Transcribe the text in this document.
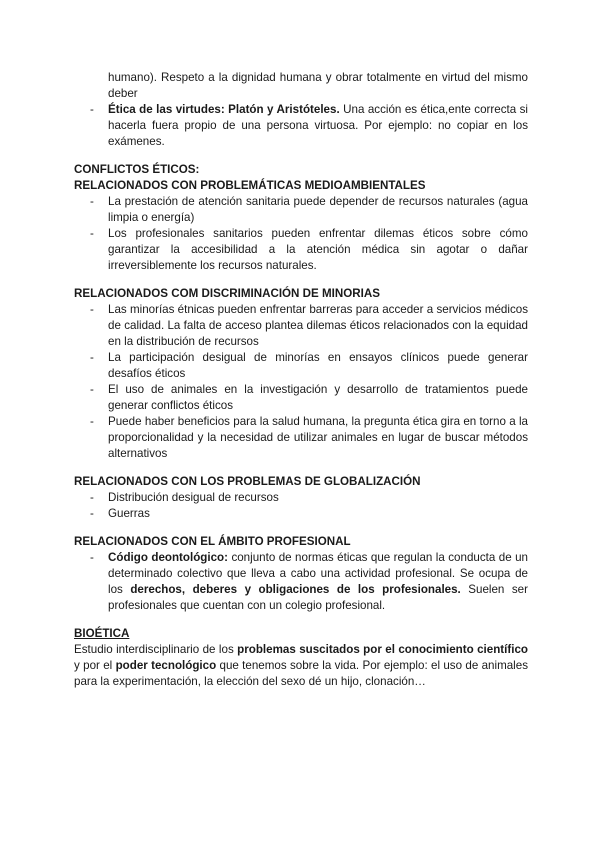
humano). Respeto a la dignidad humana y obrar totalmente en virtud del mismo deber
- Ética de las virtudes: Platón y Aristóteles. Una acción es ética,ente correcta si hacerla fuera propio de una persona virtuosa. Por ejemplo: no copiar en los exámenes.
CONFLICTOS ÉTICOS:
RELACIONADOS CON PROBLEMÁTICAS MEDIOAMBIENTALES
- La prestación de atención sanitaria puede depender de recursos naturales (agua limpia o energía)
- Los profesionales sanitarios pueden enfrentar dilemas éticos sobre cómo garantizar la accesibilidad a la atención médica sin agotar o dañar irreversiblemente los recursos naturales.
RELACIONADOS COM DISCRIMINACIÓN DE MINORIAS
- Las minorías étnicas pueden enfrentar barreras para acceder a servicios médicos de calidad. La falta de acceso plantea dilemas éticos relacionados con la equidad en la distribución de recursos
- La participación desigual de minorías en ensayos clínicos puede generar desafíos éticos
- El uso de animales en la investigación y desarrollo de tratamientos puede generar conflictos éticos
- Puede haber beneficios para la salud humana, la pregunta ética gira en torno a la proporcionalidad y la necesidad de utilizar animales en lugar de buscar métodos alternativos
RELACIONADOS CON LOS PROBLEMAS DE GLOBALIZACIÓN
- Distribución desigual de recursos
- Guerras
RELACIONADOS CON EL ÁMBITO PROFESIONAL
- Código deontológico: conjunto de normas éticas que regulan la conducta de un determinado colectivo que lleva a cabo una actividad profesional. Se ocupa de los derechos, deberes y obligaciones de los profesionales. Suelen ser profesionales que cuentan con un colegio profesional.
BIOÉTICA

Estudio interdisciplinario de los problemas suscitados por el conocimiento científico y por el poder tecnológico que tenemos sobre la vida. Por ejemplo: el uso de animales para la experimentación, la elección del sexo dé un hijo, clonación…
